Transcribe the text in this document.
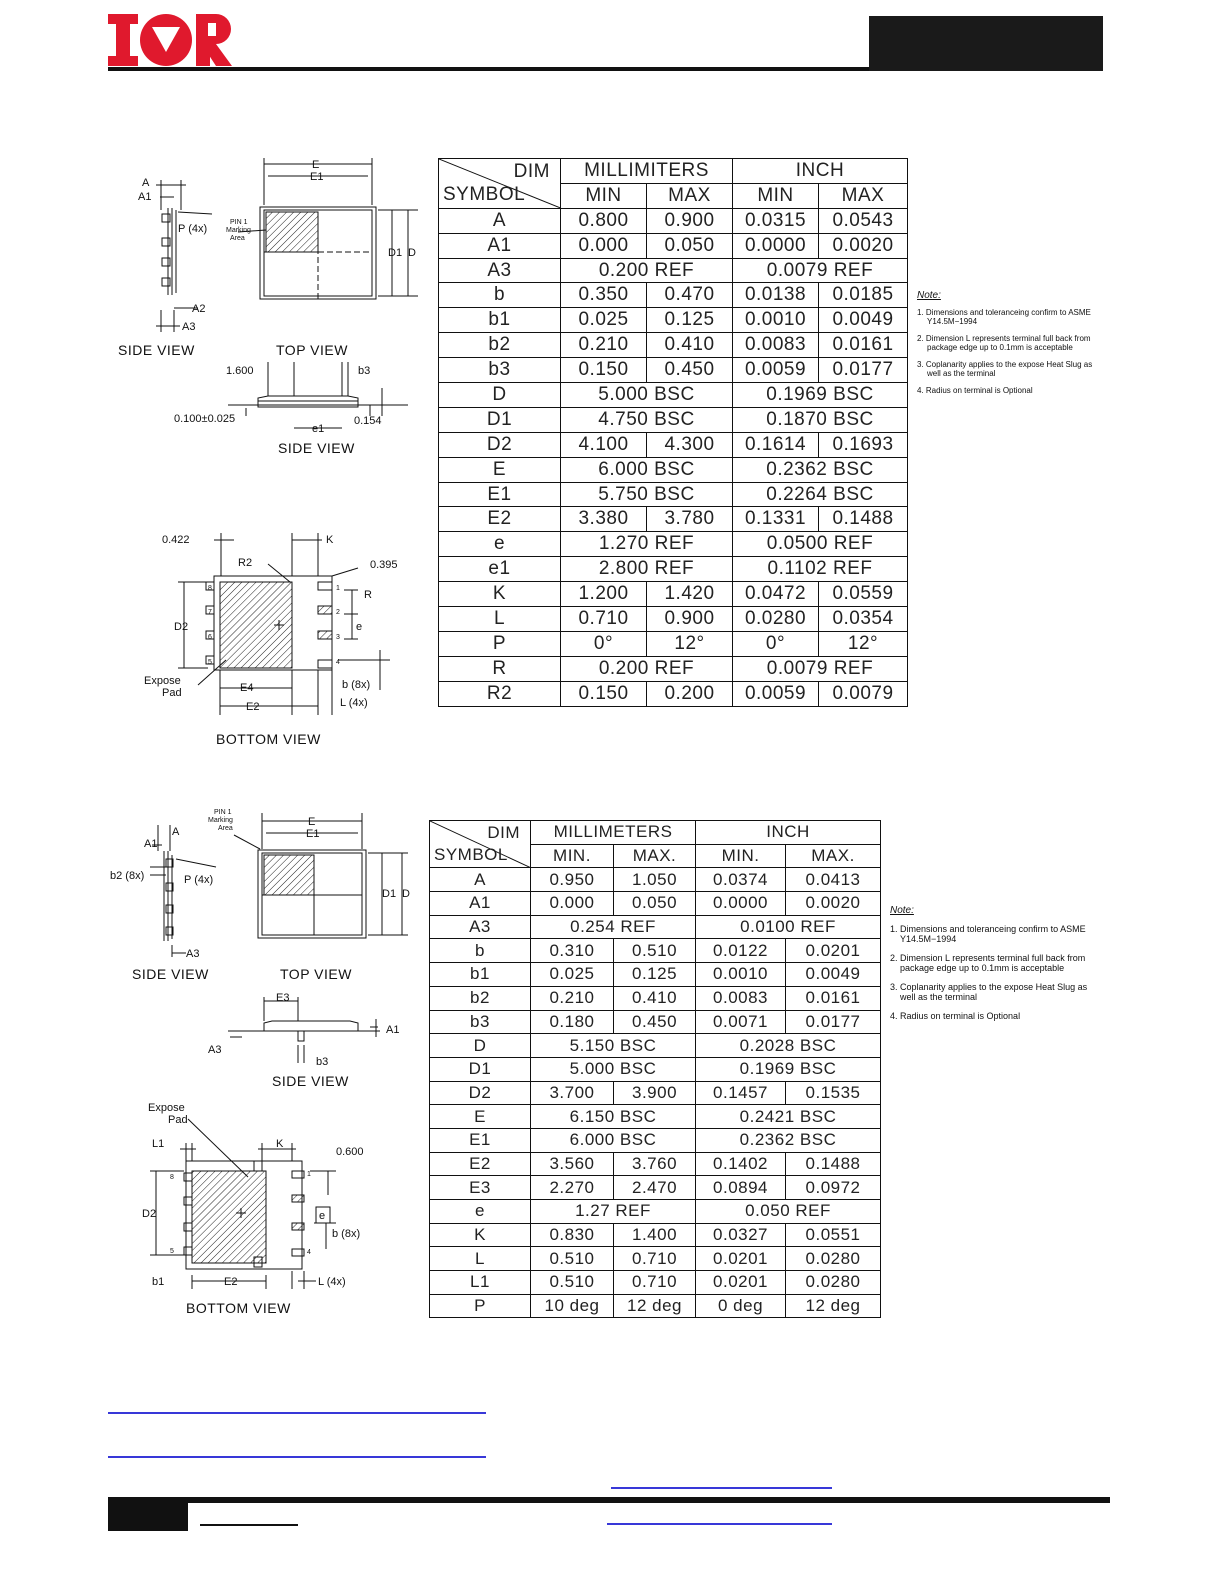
SIDE VIEW	TOP VIEW
SIDE VIEW
BOTTOM VIEW
PIN 1
Marking
Area
Expose
Pad
A
A1
A2
A3
P (4x)
E
E1
D1 D
1.600	b3
0.100±0.025
e1
0.154
0.422	K
R2	0.395
R
D2	e
E4
E2
b (8x)
L (4x)
8
7
6
5
1
2
3
4
DIM
SYMBOL	MILLIMITERS		INCH	
	MIN	MAX	MIN	MAX
A	0.800	0.900	0.0315	0.0543
A1	0.000	0.050	0.0000	0.0020
A3	0.200 REF		0.0079 REF	
b	0.350	0.470	0.0138	0.0185
b1	0.025	0.125	0.0010	0.0049
b2	0.210	0.410	0.0083	0.0161
b3	0.150	0.450	0.0059	0.0177
D	5.000 BSC		0.1969 BSC	
D1	4.750 BSC		0.1870 BSC	
D2	4.100	4.300	0.1614	0.1693
E	6.000 BSC		0.2362 BSC	
E1	5.750 BSC		0.2264 BSC	
E2	3.380	3.780	0.1331	0.1488
e	1.270 REF		0.0500 REF	
e1	2.800 REF		0.1102 REF	
K	1.200	1.420	0.0472	0.0559
L	0.710	0.900	0.0280	0.0354
P	0°	12°	0°	12°
R	0.200 REF		0.0079 REF	
R2	0.150	0.200	0.0059	0.0079
Note:
1. Dimensions and toleranceing confirm to ASME Y14.5M−1994
2. Dimension L represents terminal full back from package edge up to 0.1mm is acceptable
3. Coplanarity applies to the expose Heat Slug as well as the terminal
4. Radius on terminal is Optional
SIDE VIEW	TOP VIEW
SIDE VIEW
BOTTOM VIEW
PIN 1
Marking
Area
Expose
Pad
A
A1
b2 (8x)	P (4x)
A3
E
E1
D1 D
E3
A1
A3
b3
L1	K
0.600
D2	e
b (8x)
b1	E2	L (4x)
8
5
1
4
DIM
SYMBOL	MILLIMETERS		INCH	
	MIN.	MAX.	MIN.	MAX.
A	0.950	1.050	0.0374	0.0413
A1	0.000	0.050	0.0000	0.0020
A3	0.254 REF		0.0100 REF	
b	0.310	0.510	0.0122	0.0201
b1	0.025	0.125	0.0010	0.0049
b2	0.210	0.410	0.0083	0.0161
b3	0.180	0.450	0.0071	0.0177
D	5.150 BSC		0.2028 BSC	
D1	5.000 BSC		0.1969 BSC	
D2	3.700	3.900	0.1457	0.1535
E	6.150 BSC		0.2421 BSC	
E1	6.000 BSC		0.2362 BSC	
E2	3.560	3.760	0.1402	0.1488
E3	2.270	2.470	0.0894	0.0972
e	1.27 REF		0.050 REF	
K	0.830	1.400	0.0327	0.0551
L	0.510	0.710	0.0201	0.0280
L1	0.510	0.710	0.0201	0.0280
P	10 deg	12 deg	0 deg	12 deg
Note:
1. Dimensions and toleranceing confirm to ASME Y14.5M−1994
2. Dimension L represents terminal full back from package edge up to 0.1mm is acceptable
3. Coplanarity applies to the expose Heat Slug as well as the terminal
4. Radius on terminal is Optional
